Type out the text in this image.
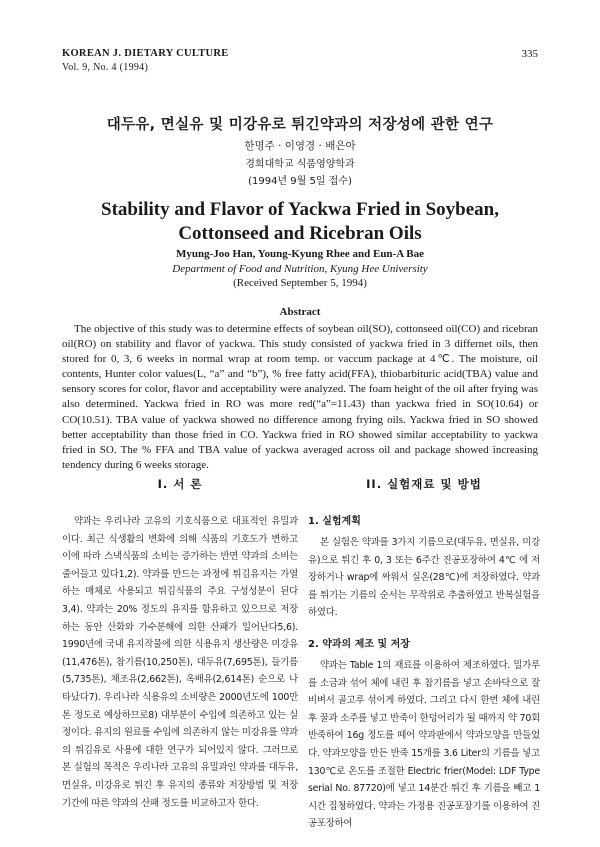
KOREAN J. DIETARY CULTURE
Vol. 9, No. 4 (1994)
335
대두유, 면실유 및 미강유로 튀긴약과의 저장성에 관한 연구
한명주 · 이영경 · 배은아
경희대학교 식품영양학과
(1994년 9월 5일 접수)
Stability and Flavor of Yackwa Fried in Soybean,
Cottonseed and Ricebran Oils
Myung-Joo Han, Young-Kyung Rhee and Eun-A Bae
Department of Food and Nutrition, Kyung Hee University
(Received September 5, 1994)
Abstract

The objective of this study was to determine effects of soybean oil(SO), cottonseed oil(CO) and ricebran oil(RO) on stability and flavor of yackwa. This study consisted of yackwa fried in 3 differnet oils, then stored for 0, 3, 6 weeks in normal wrap at room temp. or vaccum package at 4℃. The moisture, oil contents, Hunter color values(L, “a” and “b”), % free fatty acid(FFA), thiobarbituric acid(TBA) value and sensory scores for color, flavor and acceptability were analyzed. The foam height of the oil after frying was also determined. Yackwa fried in RO was more red(“a”=11.43) than yackwa fried in SO(10.64) or CO(10.51). TBA value of yackwa showed no difference among frying oils. Yackwa fried in SO showed better acceptability than those fried in CO. Yackwa fried in RO showed similar acceptability to yackwa fried in SO. The % FFA and TBA value of yackwa averaged across oil and package showed increasing tendency during 6 weeks storage.

I. 서 론

약과는 우리나라 고유의 기호식품으로 대표적인 유밀과이다. 최근 식생활의 변화에 의해 식품의 기호도가 변하고 이에 따라 스낵식품의 소비는 증가하는 반면 약과의 소비는 줄어들고 있다1,2). 약과를 만드는 과정에 튀김유지는 가열하는 매체로 사용되고 튀김식품의 주요 구성성분이 된다3,4). 약과는 20% 정도의 유지를 함유하고 있으므로 저장하는 동안 산화와 가수분해에 의한 산패가 일어난다5,6). 1990년에 국내 유지작물에 의한 식용유지 생산량은 미강유(11,476톤), 참기름(10,250톤), 대두유(7,695톤), 들기름(5,735톤), 채조유(2,662톤), 옥배유(2,614톤) 순으로 나타났다7). 우리나라 식용유의 소비량은 2000년도에 100만톤 정도로 예상하므로8) 대부분이 수입에 의존하고 있는 실정이다. 유지의 원료를 수입에 의존하지 않는 미강유를 약과의 튀김유로 사용에 대한 연구가 되어있지 않다. 그러므로 본 실험의 목적은 우리나라 고유의 유밀과인 약과를 대두유, 면실유, 미강유로 튀긴 후 유지의 종류와 저장방법 및 저장기간에 따른 약과의 산패 정도를 비교하고자 한다.

II. 실험재료 및 방법
1. 실험계획

본 실험은 약과를 3가지 기름으로(대두유, 면실유, 미강유)으로 튀긴 후 0, 3 또는 6주간 진공포장하여 4℃ 에 저장하거나 wrap에 싸워서 실온(28℃)에 저장하였다. 약과를 튀기는 기름의 순서는 무작위로 추출하였고 반복실험을 하였다.

2. 약과의 제조 및 저장

약과는 Table 1의 재료를 이용하여 제조하였다. 밀가루를 소금과 섞어 체에 내린 후 참기름을 넣고 손바닥으로 잘 비벼서 골고루 섞이게 하였다. 그리고 다시 한번 체에 내린 후 꿀과 소주를 넣고 반죽이 한덩어리가 될 때까지 약 70회 반죽하여 16g 정도를 떼어 약과판에서 약과모양을 만들었다. 약과모양을 만든 반죽 15개를 3.6 Liter의 기름을 넣고 130℃로 온도를 조절한 Electric frier(Model: LDF Type serial No. 87720)에 넣고 14분간 튀긴 후 기름을 빼고 1시간 집청하였다. 약과는 가정용 진공포장기를 이용하여 진공포장하여
